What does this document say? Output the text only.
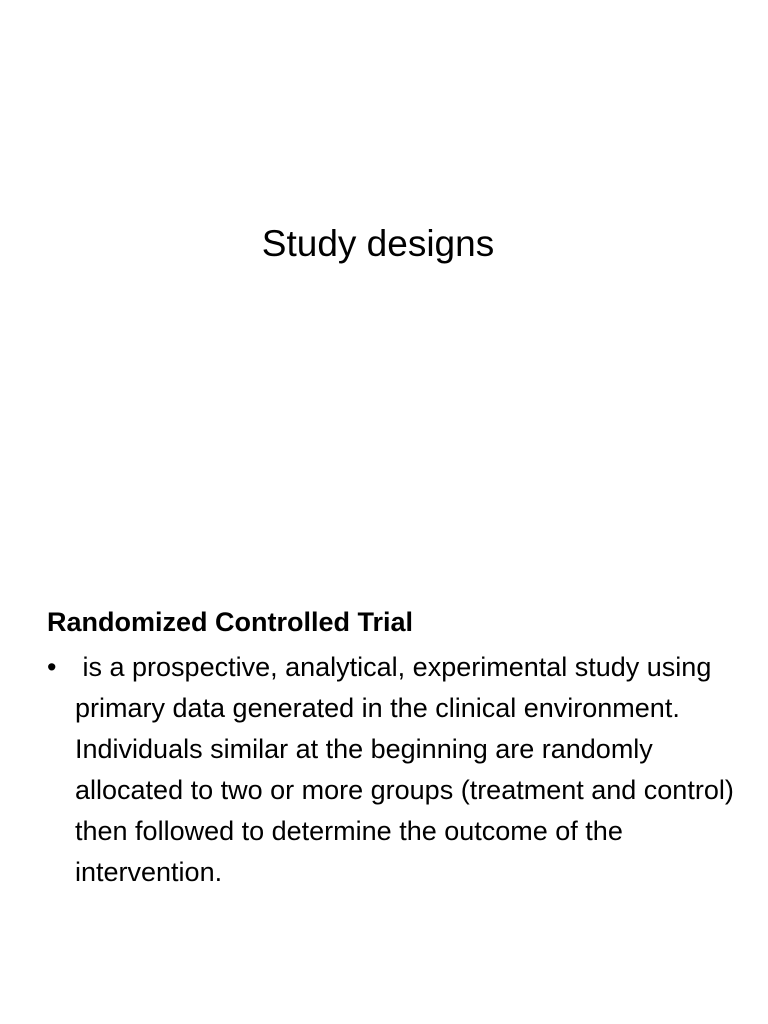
Study designs
Randomized Controlled Trial
• is a prospective, analytical, experimental study using primary data generated in the clinical environment. Individuals similar at the beginning are randomly allocated to two or more groups (treatment and control) then followed to determine the outcome of the intervention.
